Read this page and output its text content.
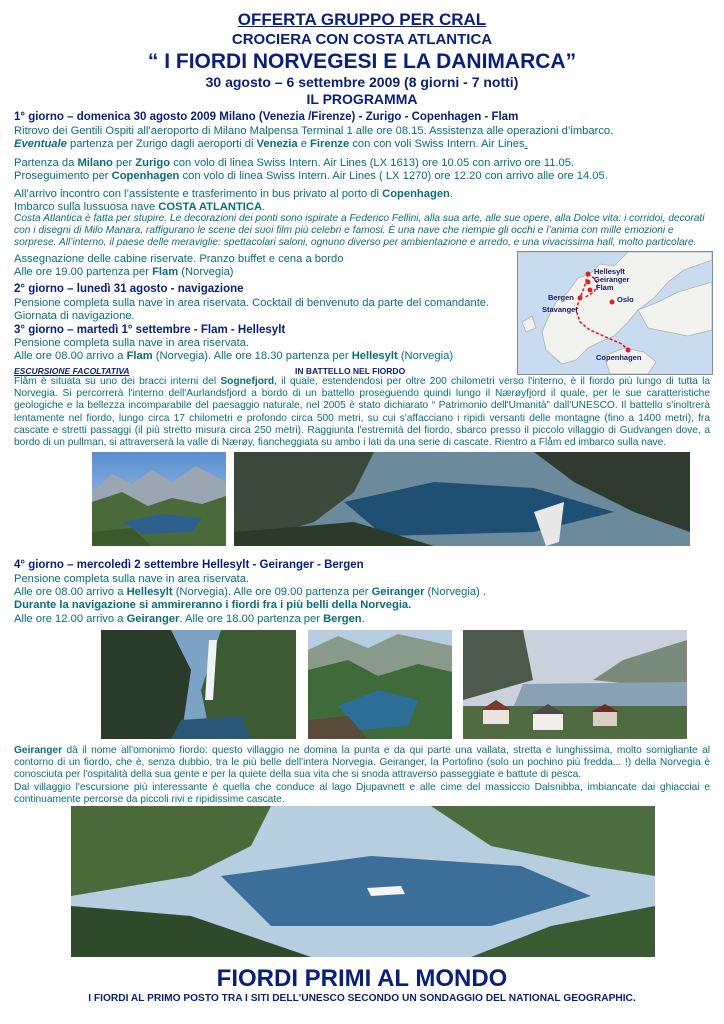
OFFERTA GRUPPO PER CRAL
CROCIERA CON COSTA ATLANTICA
“ I FIORDI NORVEGESI E LA DANIMARCA”
30 agosto – 6 settembre 2009 (8 giorni - 7 notti)
IL PROGRAMMA
1° giorno – domenica 30 agosto 2009 Milano (Venezia /Firenze) - Zurigo - Copenhagen - Flam
Ritrovo dei Gentili Ospiti all’aeroporto di Milano Malpensa Terminal 1 alle ore 08.15. Assistenza alle operazioni d’imbarco.
Eventuale partenza per Zurigo dagli aeroporti di Venezia e Firenze con con voli Swiss Intern. Air Lines.
Partenza da Milano per Zurigo con volo di linea Swiss Intern. Air Lines (LX 1613) ore 10.05 con arrivo ore 11.05.
Proseguimento per Copenhagen con volo di linea Swiss Intern. Air Lines ( LX 1270) ore 12.20 con arrivo alle ore 14.05.
All’arrivo incontro con l’assistente e trasferimento in bus privato al porto di Copenhagen.
Imbarco sulla lussuosa nave COSTA ATLANTICA.
Costa Atlantica è fatta per stupire. Le decorazioni dei ponti sono ispirate a Federico Fellini, alla sua arte, alle sue opere, alla Dolce vita: i corridoi, decorati con i disegni di Milo Manara, raffigurano le scene dei suoi film più celebri e famosi. È una nave che riempie gli occhi e l’anima con mille emozioni e sorprese. All’interno, il paese delle meraviglie: spettacolari saloni, ognuno diverso per ambientazione e arredo, e una vivacissima hall, molto particolare.
Assegnazione delle cabine riservate. Pranzo buffet e cena a bordo
Alle ore 19.00 partenza per Flam (Norvegia)	Hellesylt
Geiranger
Flam
Bergen
Stavanger
Oslo
Copenhagen
2° giorno – lunedì 31 agosto - navigazione
Pensione completa sulla nave in area riservata. Cocktail di benvenuto da parte del comandante.
Giornata di navigazione.
3° giorno – martedì 1° settembre - Flam - Hellesylt
Pensione completa sulla nave in area riservata.
Alle ore 08.00 arrivo a Flam (Norvegia). Alle ore 18.30 partenza per Hellesylt (Norvegia)
ESCURSIONE FACOLTATIVA	IN BATTELLO NEL FIORDO
Flåm è situata su uno dei bracci interni del Sognefjord, il quale, estendendosi per oltre 200 chilometri verso l'interno, è il fiordo più lungo di tutta la Norvegia. Si percorrerà l'interno dell'Aurlandsfjord a bordo di un battello proseguendo quindi lungo il Nærøyfjord il quale, per le sue caratteristiche geologiche e la bellezza incomparabile del paesaggio naturale, nel 2005 è stato dichiarato “ Patrimonio dell'Umanità” dall'UNESCO. Il battello s'inoltrerà lentamente nel fiordo, lungo circa 17 chilometri e profondo circa 500 metri, su cui s'affacciano i ripidi versanti delle montagne (fino a 1400 metri), fra cascate e stretti passaggi (il più stretto misura circa 250 metri). Raggiunta l'estremità del fiordo, sbarco presso il piccolo villaggio di Gudvangen dove, a bordo di un pullman, si attraverserà la valle di Nærøy, fiancheggiata su ambo i lati da una serie di cascate. Rientro a Flåm ed imbarco sulla nave.
4° giorno – mercoledì 2 settembre Hellesylt - Geiranger - Bergen
Pensione completa sulla nave in area riservata.
Alle ore 08.00 arrivo a Hellesylt (Norvegia). Alle ore 09.00 partenza per Geiranger (Norvegia) .
Durante la navigazione si ammireranno i fiordi fra i più belli della Norvegia.
Alle ore 12.00 arrivo a Geiranger. Alle ore 18.00 partenza per Bergen.
Geiranger dà il nome all'omonimo fiordo: questo villaggio ne domina la punta e da qui parte una vallata, stretta e lunghissima, molto somigliante al contorno di un fiordo, che è, senza dubbio, tra le più belle dell'intera Norvegia. Geiranger, la Portofino (solo un pochino più fredda... !) della Norvegia è conosciuta per l'ospitalità della sua gente e per la quiete della sua vita che si snoda attraverso passeggiate e battute di pesca.
Dal villaggio l'escursione più interessante è quella che conduce al lago Djupavnett e alle cime del massiccio Dalsnibba, imbiancate dai ghiacciai e continuamente percorse da piccoli rivi e ripidissime cascate.
FIORDI PRIMI AL MONDO
I FIORDI AL PRIMO POSTO TRA I SITI DELL'UNESCO SECONDO UN SONDAGGIO DEL NATIONAL GEOGRAPHIC.
